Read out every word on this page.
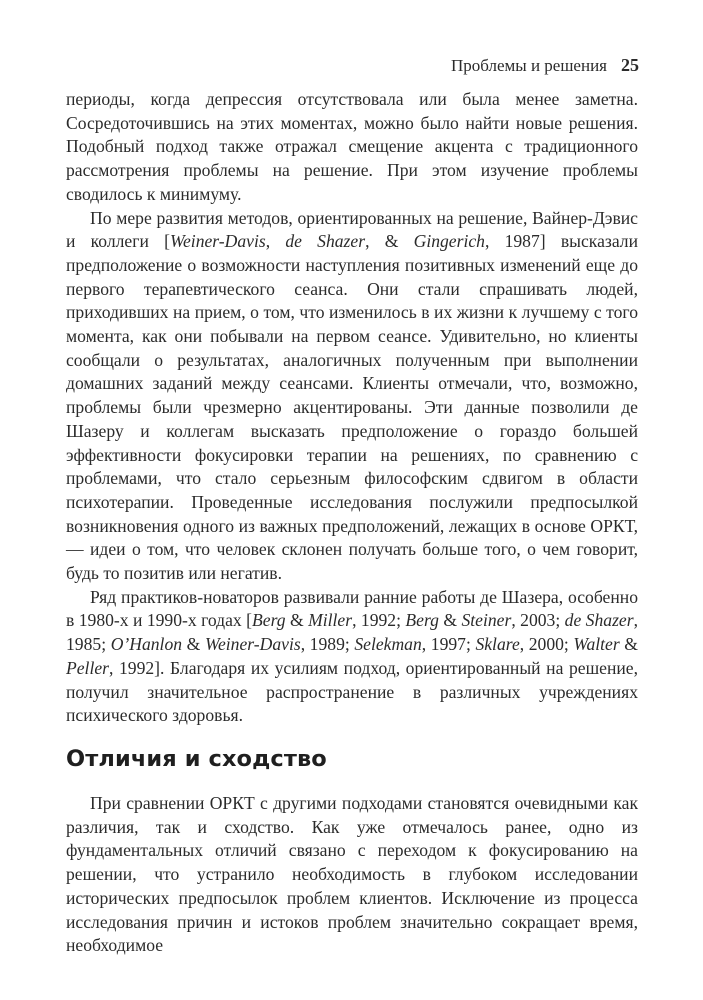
Проблемы и решения 25

периоды, когда депрессия отсутствовала или была менее заметна. Сосредоточившись на этих моментах, можно было найти новые решения. Подобный подход также отражал смещение акцента с традиционного рассмотрения проблемы на решение. При этом изучение проблемы сводилось к минимуму.

По мере развития методов, ориентированных на решение, Вайнер-Дэвис и коллеги [Weiner-Davis, de Shazer, & Gingerich, 1987] высказали предположение о возможности наступления позитивных изменений еще до первого терапевтического сеанса. Они стали спрашивать людей, приходивших на прием, о том, что изменилось в их жизни к лучшему с того момента, как они побывали на первом сеансе. Удивительно, но клиенты сообщали о результатах, аналогичных полученным при выполнении домашних заданий между сеансами. Клиенты отмечали, что, возможно, проблемы были чрезмерно акцентированы. Эти данные позволили де Шазеру и коллегам высказать предположение о гораздо большей эффективности фокусировки терапии на решениях, по сравнению с проблемами, что стало серьезным философским сдвигом в области психотерапии. Проведенные исследования послужили предпосылкой возникновения одного из важных предположений, лежащих в основе ОРКТ, — идеи о том, что человек склонен получать больше того, о чем говорит, будь то позитив или негатив.

Ряд практиков-новаторов развивали ранние работы де Шазера, особенно в 1980-х и 1990-х годах [Berg & Miller, 1992; Berg & Steiner, 2003; de Shazer, 1985; O’Hanlon & Weiner-Davis, 1989; Selekman, 1997; Sklare, 2000; Walter & Peller, 1992]. Благодаря их усилиям подход, ориентированный на решение, получил значительное распространение в различных учреждениях психического здоровья.

Отличия и сходство

При сравнении ОРКТ с другими подходами становятся очевидными как различия, так и сходство. Как уже отмечалось ранее, одно из фундаментальных отличий связано с переходом к фокусированию на решении, что устранило необходимость в глубоком исследовании исторических предпосылок проблем клиентов. Исключение из процесса исследования причин и истоков проблем значительно сокращает время, необходимое
